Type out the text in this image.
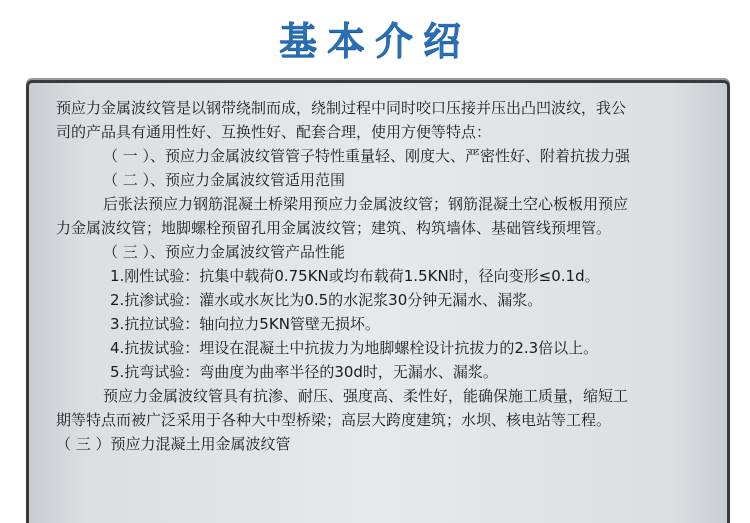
基本介绍

预应力金属波纹管是以钢带绕制而成，绕制过程中同时咬口压接并压出凸凹波纹，我公

司的产品具有通用性好、互换性好、配套合理，使用方便等特点：

（ 一 ）、预应力金属波纹管管子特性重量轻、刚度大、严密性好、附着抗拔力强

（ 二 ）、预应力金属波纹管适用范围

后张法预应力钢筋混凝土桥梁用预应力金属波纹管；钢筋混凝土空心板板用预应

力金属波纹管；地脚螺栓预留孔用金属波纹管；建筑、构筑墙体、基础管线预埋管。

（ 三 ）、预应力金属波纹管产品性能

1.刚性试验：抗集中载荷0.75KN或均布载荷1.5KN时，径向变形≤0.1d。

2.抗渗试验：灌水或水灰比为0.5的水泥浆30分钟无漏水、漏浆。

3.抗拉试验：轴向拉力5KN管壁无损坏。

4.抗拔试验：埋设在混凝土中抗拔力为地脚螺栓设计抗拔力的2.3倍以上。

5.抗弯试验：弯曲度为曲率半径的30d时，无漏水、漏浆。

预应力金属波纹管具有抗渗、耐压、强度高、柔性好，能确保施工质量，缩短工

期等特点而被广泛采用于各种大中型桥梁；高层大跨度建筑；水坝、核电站等工程。

（ 三 ）预应力混凝土用金属波纹管
